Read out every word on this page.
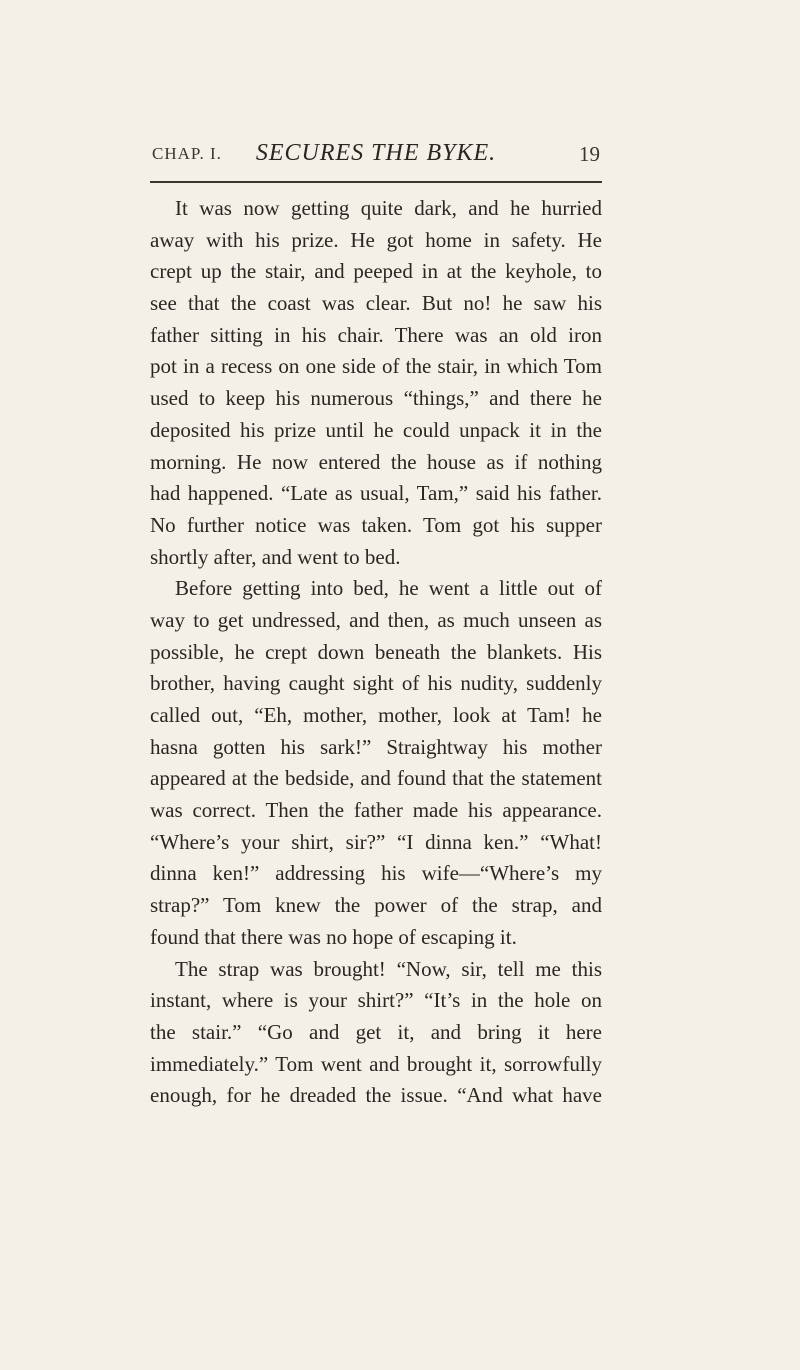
CHAP. I.	SECURES THE BYKE.	19
It was now getting quite dark, and he hurried
away with his prize. He got home in safety. He
crept up the stair, and peeped in at the keyhole, to
see that the coast was clear. But no! he saw his
father sitting in his chair. There was an old iron
pot in a recess on one side of the stair, in which Tom
used to keep his numerous “things,” and there he
deposited his prize until he could unpack it in the
morning. He now entered the house as if nothing
had happened. “Late as usual, Tam,” said his father.
No further notice was taken. Tom got his supper
shortly after, and went to bed.
Before getting into bed, he went a little out of
way to get undressed, and then, as much unseen as
possible, he crept down beneath the blankets. His
brother, having caught sight of his nudity, suddenly
called out, “Eh, mother, mother, look at Tam! he
hasna gotten his sark!” Straightway his mother
appeared at the bedside, and found that the statement
was correct. Then the father made his appearance.
“Where’s your shirt, sir?” “I dinna ken.” “What!
dinna ken!” addressing his wife—“Where’s my
strap?” Tom knew the power of the strap, and
found that there was no hope of escaping it.
The strap was brought! “Now, sir, tell me this
instant, where is your shirt?” “It’s in the hole on
the stair.” “Go and get it, and bring it here
immediately.” Tom went and brought it, sorrowfully
enough, for he dreaded the issue. “And what have
